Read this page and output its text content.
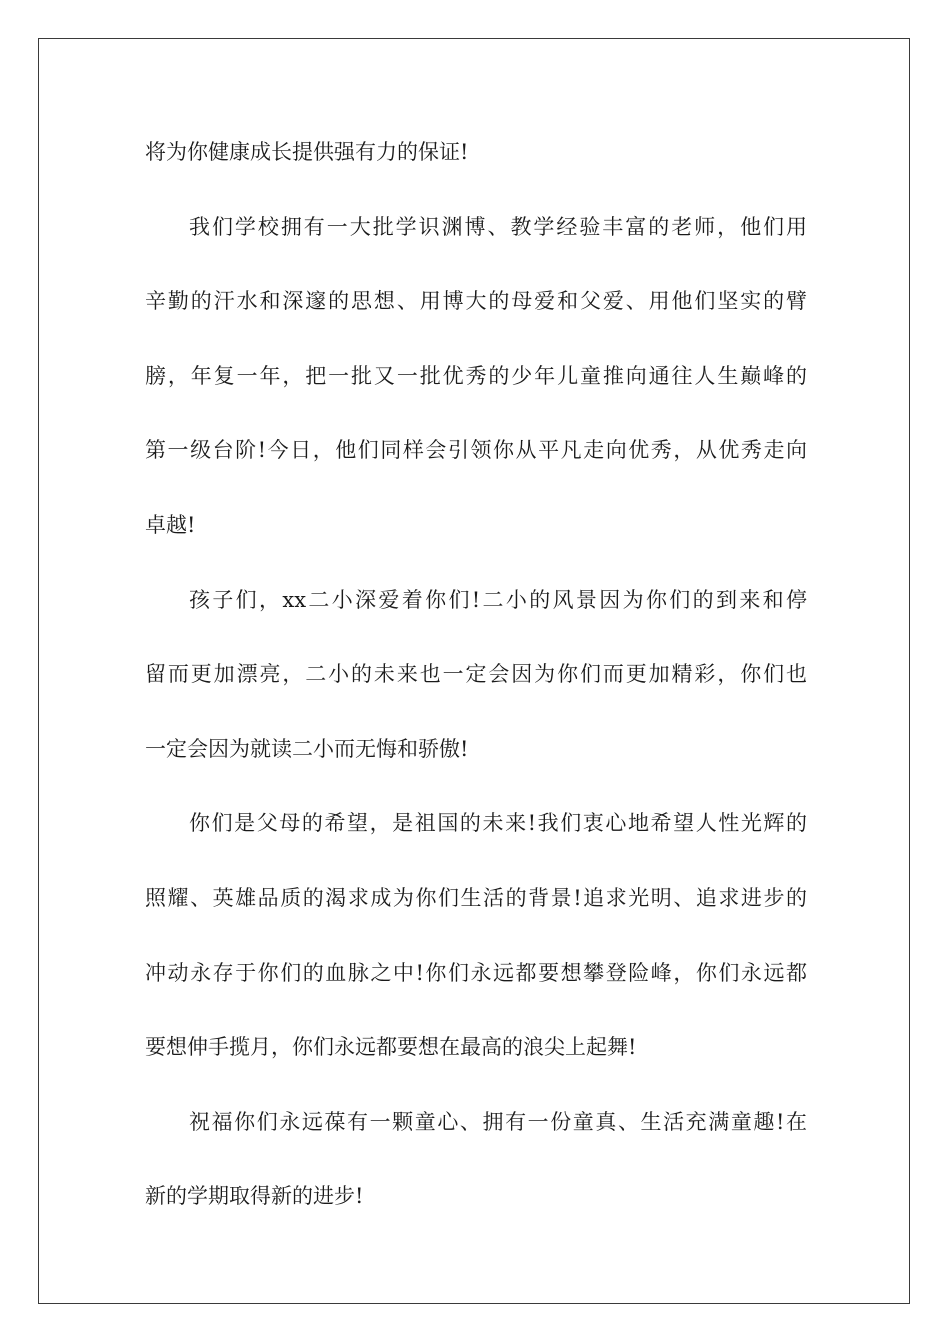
将为你健康成长提供强有力的保证!
我们学校拥有一大批学识渊博、教学经验丰富的老师，他们用
辛勤的汗水和深邃的思想、用博大的母爱和父爱、用他们坚实的臂
膀，年复一年，把一批又一批优秀的少年儿童推向通往人生巅峰的
第一级台阶!今日，他们同样会引领你从平凡走向优秀，从优秀走向
卓越!
孩子们，xx二小深爱着你们!二小的风景因为你们的到来和停
留而更加漂亮，二小的未来也一定会因为你们而更加精彩，你们也
一定会因为就读二小而无悔和骄傲!
你们是父母的希望，是祖国的未来!我们衷心地希望人性光辉的
照耀、英雄品质的渴求成为你们生活的背景!追求光明、追求进步的
冲动永存于你们的血脉之中!你们永远都要想攀登险峰，你们永远都
要想伸手揽月，你们永远都要想在最高的浪尖上起舞!
祝福你们永远葆有一颗童心、拥有一份童真、生活充满童趣!在
新的学期取得新的进步!
